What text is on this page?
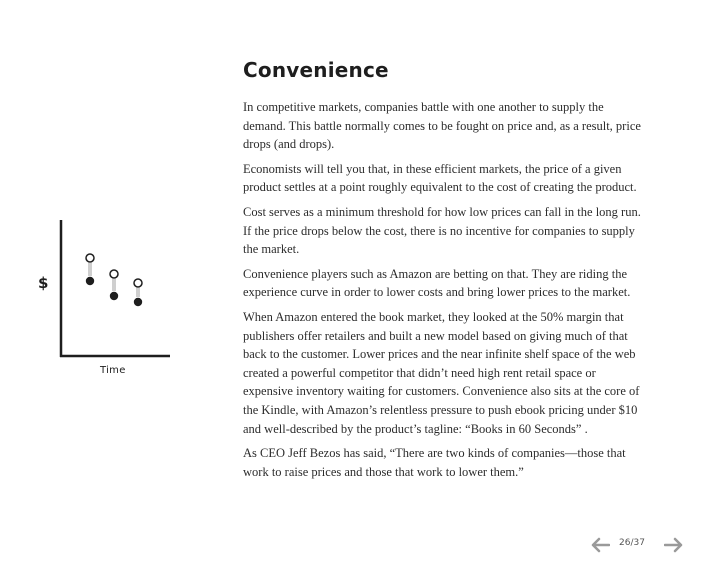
Convenience

In competitive markets, companies battle with one another to supply the demand. This battle normally comes to be fought on price and, as a result, price drops (and drops).

Economists will tell you that, in these efficient markets, the price of a given product settles at a point roughly equivalent to the cost of creating the product.

Cost serves as a minimum threshold for how low prices can fall in the long run. If the price drops below the cost, there is no incentive for companies to supply the market.

Convenience players such as Amazon are betting on that. They are riding the experience curve in order to lower costs and bring lower prices to the market.

When Amazon entered the book market, they looked at the 50% margin that publishers offer retailers and built a new model based on giving much of that back to the customer. Lower prices and the near infinite shelf space of the web created a powerful competitor that didn’t need high rent retail space or expensive inventory waiting for customers. Convenience also sits at the core of the Kindle, with Amazon’s relentless pressure to push ebook pricing under $10 and well-described by the product’s tagline: “Books in 60 Seconds” .

As CEO Jeff Bezos has said, “There are two kinds of companies—those that work to raise prices and those that work to lower them.”

$
Time
26/37
